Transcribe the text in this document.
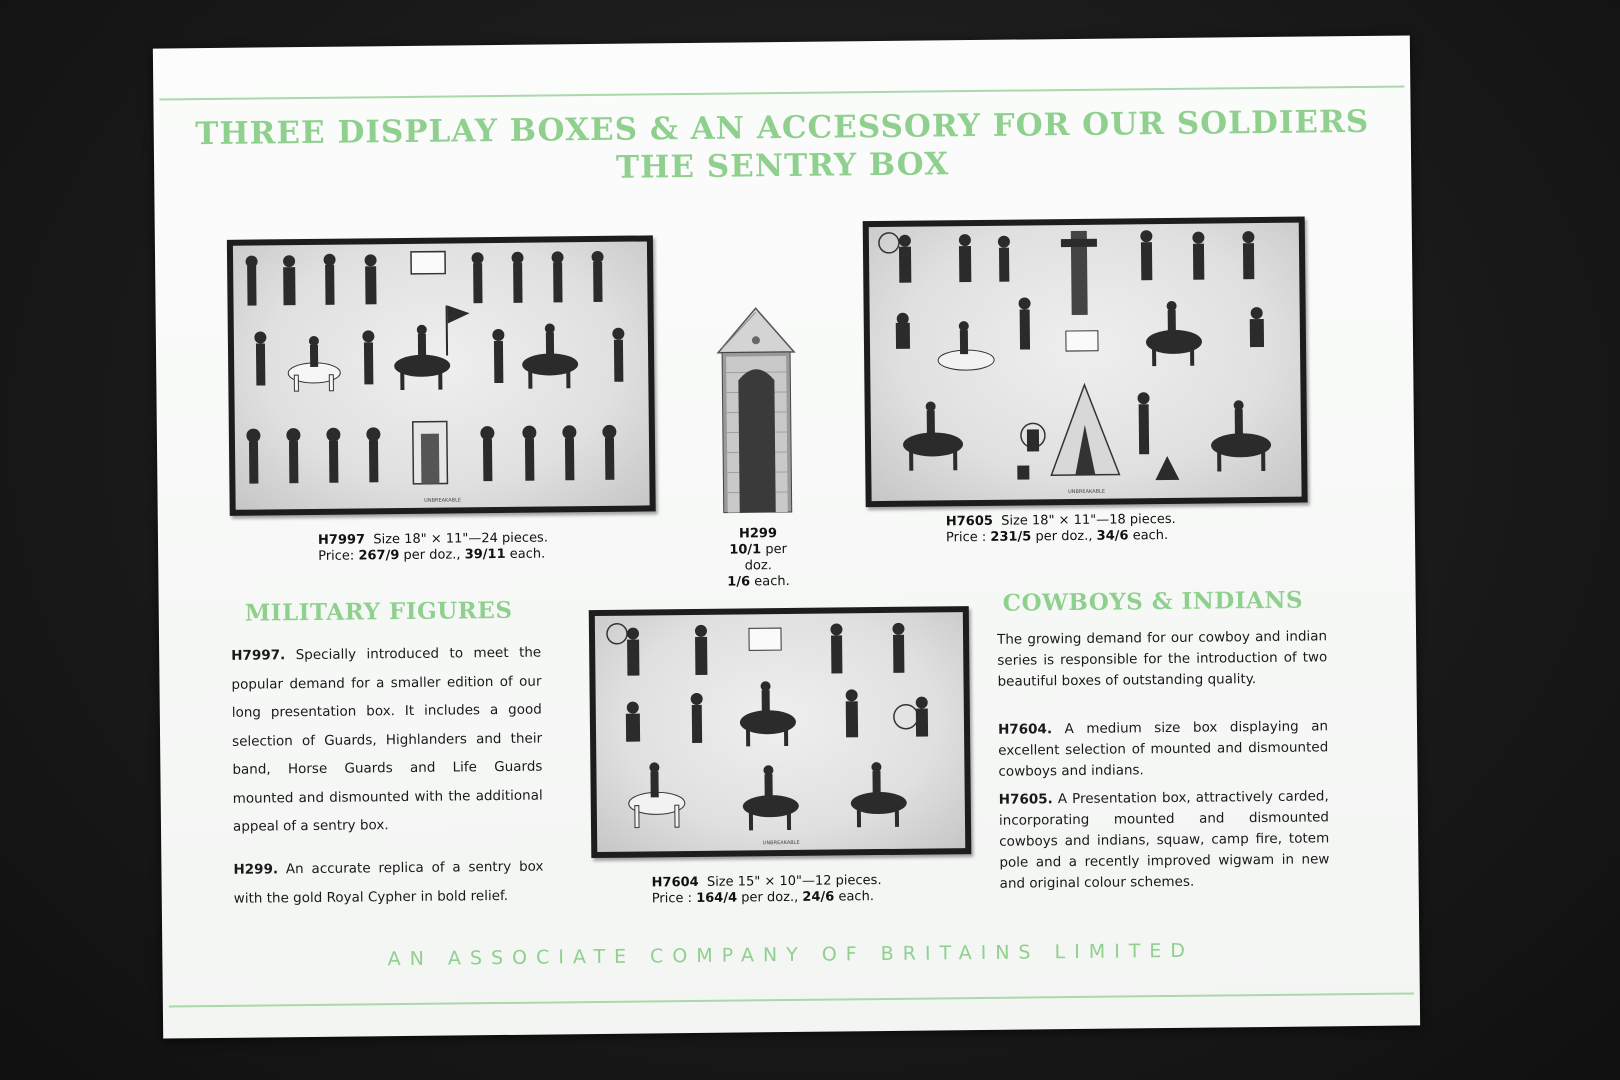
THREE DISPLAY BOXES & AN ACCESSORY FOR OUR SOLDIERS
THE SENTRY BOX
UNBREAKABLE
UNBREAKABLE
H7997 Size 18" × 11"—24 pieces.
Price: 267/9 per doz., 39/11 each.
H299
10/1 per doz.
1/6 each.
H7605 Size 18" × 11"—18 pieces.
Price : 231/5 per doz., 34/6 each.
MILITARY FIGURES

H7997. Specially introduced to meet the popular demand for a smaller edition of our long presentation box. It includes a good selection of Guards, Highlanders and their band, Horse Guards and Life Guards mounted and dismounted with the additional appeal of a sentry box.

H299. An accurate replica of a sentry box with the gold Royal Cypher in bold relief.

UNBREAKABLE
H7604 Size 15" × 10"—12 pieces.
Price : 164/4 per doz., 24/6 each.
COWBOYS & INDIANS

The growing demand for our cowboy and indian series is responsible for the introduction of two beautiful boxes of outstanding quality.

H7604. A medium size box displaying an excellent selection of mounted and dismounted cowboys and indians.

H7605. A Presentation box, attractively carded, incorporating mounted and dismounted cowboys and indians, squaw, camp fire, totem pole and a recently improved wigwam in new and original colour schemes.

AN ASSOCIATE COMPANY OF BRITAINS LIMITED
